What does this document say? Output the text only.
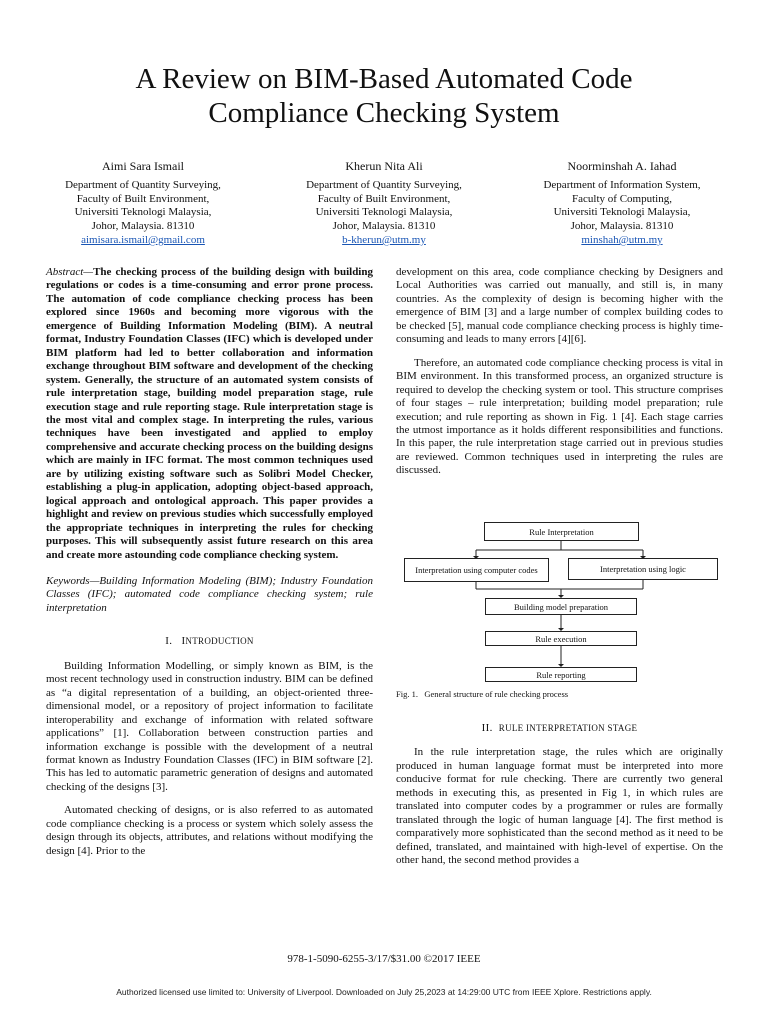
A Review on BIM-Based Automated Code
Compliance Checking System
Aimi Sara Ismail
Department of Quantity Surveying,
Faculty of Built Environment,
Universiti Teknologi Malaysia,
Johor, Malaysia. 81310
aimisara.ismail@gmail.com
Kherun Nita Ali
Department of Quantity Surveying,
Faculty of Built Environment,
Universiti Teknologi Malaysia,
Johor, Malaysia. 81310
b-kherun@utm.my
Noorminshah A. Iahad
Department of Information System,
Faculty of Computing,
Universiti Teknologi Malaysia,
Johor, Malaysia. 81310
minshah@utm.my

Abstract—The checking process of the building design with building regulations or codes is a time-consuming and error prone process. The automation of code compliance checking process has been explored since 1960s and becoming more vigorous with the emergence of Building Information Modeling (BIM). A neutral format, Industry Foundation Classes (IFC) which is developed under BIM platform had led to better collaboration and information exchange throughout BIM software and development of the checking system. Generally, the structure of an automated system consists of rule interpretation stage, building model preparation stage, rule execution stage and rule reporting stage. Rule interpretation stage is the most vital and complex stage. In interpreting the rules, various techniques have been investigated and applied to employ comprehensive and accurate checking process on the building designs which are mainly in IFC format. The most common techniques used are by utilizing existing software such as Solibri Model Checker, establishing a plug-in application, adopting object-based approach, logical approach and ontological approach. This paper provides a highlight and review on previous studies which successfully employed the appropriate techniques in interpreting the rules for checking purposes. This will subsequently assist future research on this area and create more astounding code compliance checking system.

Keywords—Building Information Modeling (BIM); Industry Foundation Classes (IFC); automated code compliance checking system; rule interpretation

I. INTRODUCTION

Building Information Modelling, or simply known as BIM, is the most recent technology used in construction industry. BIM can be defined as “a digital representation of a building, an object-oriented three-dimensional model, or a repository of project information to facilitate interoperability and exchange of information with related software applications” [1]. Collaboration between construction parties and information exchange is possible with the development of a neutral format known as Industry Foundation Classes (IFC) in BIM software [2]. This has led to automatic parametric generation of designs and automated checking of the designs [3].

Automated checking of designs, or is also referred to as automated code compliance checking is a process or system which solely assess the design through its objects, attributes, and relations without modifying the design [4]. Prior to the

development on this area, code compliance checking by Designers and Local Authorities was carried out manually, and still is, in many countries. As the complexity of design is becoming higher with the emergence of BIM [3] and a large number of complex building codes to be checked [5], manual code compliance checking process is highly time-consuming and leads to many errors [4][6].

Therefore, an automated code compliance checking process is vital in BIM environment. In this transformed process, an organized structure is required to develop the checking system or tool. This structure comprises of four stages – rule interpretation; building model preparation; rule execution; and rule reporting as shown in Fig. 1 [4]. Each stage carries the utmost importance as it holds different responsibilities and functions. In this paper, the rule interpretation stage carried out in previous studies are reviewed. Common techniques used in interpreting the rules are discussed.

Rule Interpretation
Interpretation using computer codes	Interpretation using logic
Building model preparation
Rule execution
Rule reporting
Fig. 1. General structure of rule checking process
II. RULE INTERPRETATION STAGE

In the rule interpretation stage, the rules which are originally produced in human language format must be interpreted into more conducive format for rule checking. There are currently two general methods in executing this, as presented in Fig 1, in which rules are translated into computer codes by a programmer or rules are formally translated through the logic of human language [4]. The first method is comparatively more sophisticated than the second method as it need to be defined, translated, and maintained with high-level of expertise. On the other hand, the second method provides a

978-1-5090-6255-3/17/$31.00 ©2017 IEEE
Authorized licensed use limited to: University of Liverpool. Downloaded on July 25,2023 at 14:29:00 UTC from IEEE Xplore. Restrictions apply.
